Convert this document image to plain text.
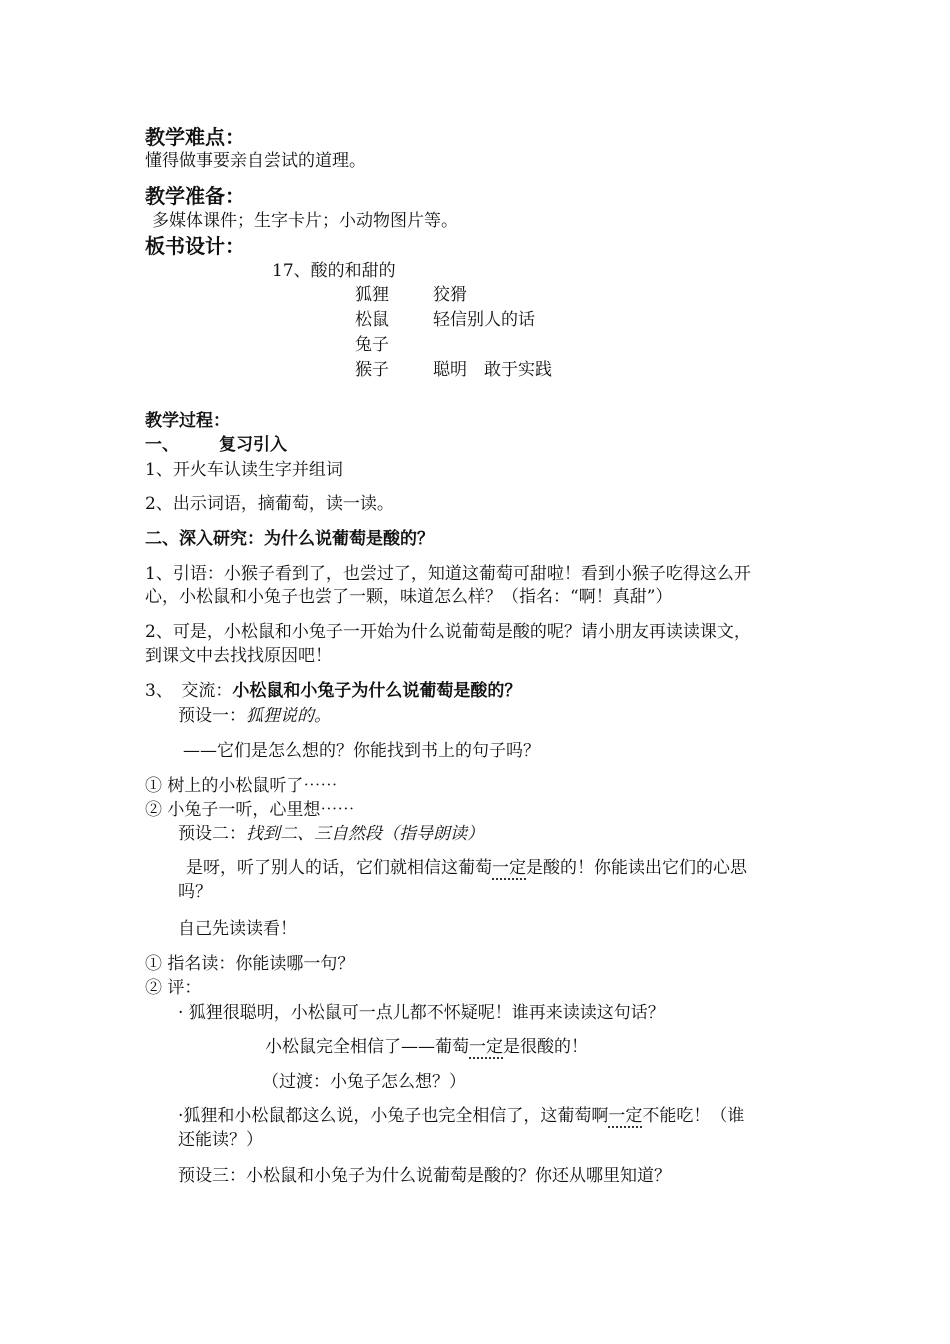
教学难点：
懂得做事要亲自尝试的道理。
教学准备：
多媒体课件；生字卡片；小动物图片等。
板书设计：
17、酸的和甜的
狐狸	狡猾
松鼠	轻信别人的话
兔子
猴子	聪明　敢于实践
教学过程：
一、 复习引入
1、开火车认读生字并组词
2、出示词语，摘葡萄，读一读。
二、深入研究：为什么说葡萄是酸的？
1、引语：小猴子看到了，也尝过了，知道这葡萄可甜啦！看到小猴子吃得这么开
心，小松鼠和小兔子也尝了一颗，味道怎么样？（指名：“啊！真甜”）
2、可是，小松鼠和小兔子一开始为什么说葡萄是酸的呢？请小朋友再读读课文，
到课文中去找找原因吧！
3、　交流：小松鼠和小兔子为什么说葡萄是酸的？
预设一：狐狸说的。
——它们是怎么想的？你能找到书上的句子吗？
① 树上的小松鼠听了⋯⋯
② 小兔子一听，心里想⋯⋯
预设二：找到二、三自然段（指导朗读）
是呀，听了别人的话，它们就相信这葡萄一定是酸的！你能读出它们的心思
吗？
自己先读读看！
① 指名读：你能读哪一句？
② 评：
· 狐狸很聪明，小松鼠可一点儿都不怀疑呢！谁再来读读这句话？
小松鼠完全相信了——葡萄一定是很酸的！
（过渡：小兔子怎么想？）
·狐狸和小松鼠都这么说，小兔子也完全相信了，这葡萄啊一定不能吃！（谁
还能读？）
预设三：小松鼠和小兔子为什么说葡萄是酸的？你还从哪里知道？
